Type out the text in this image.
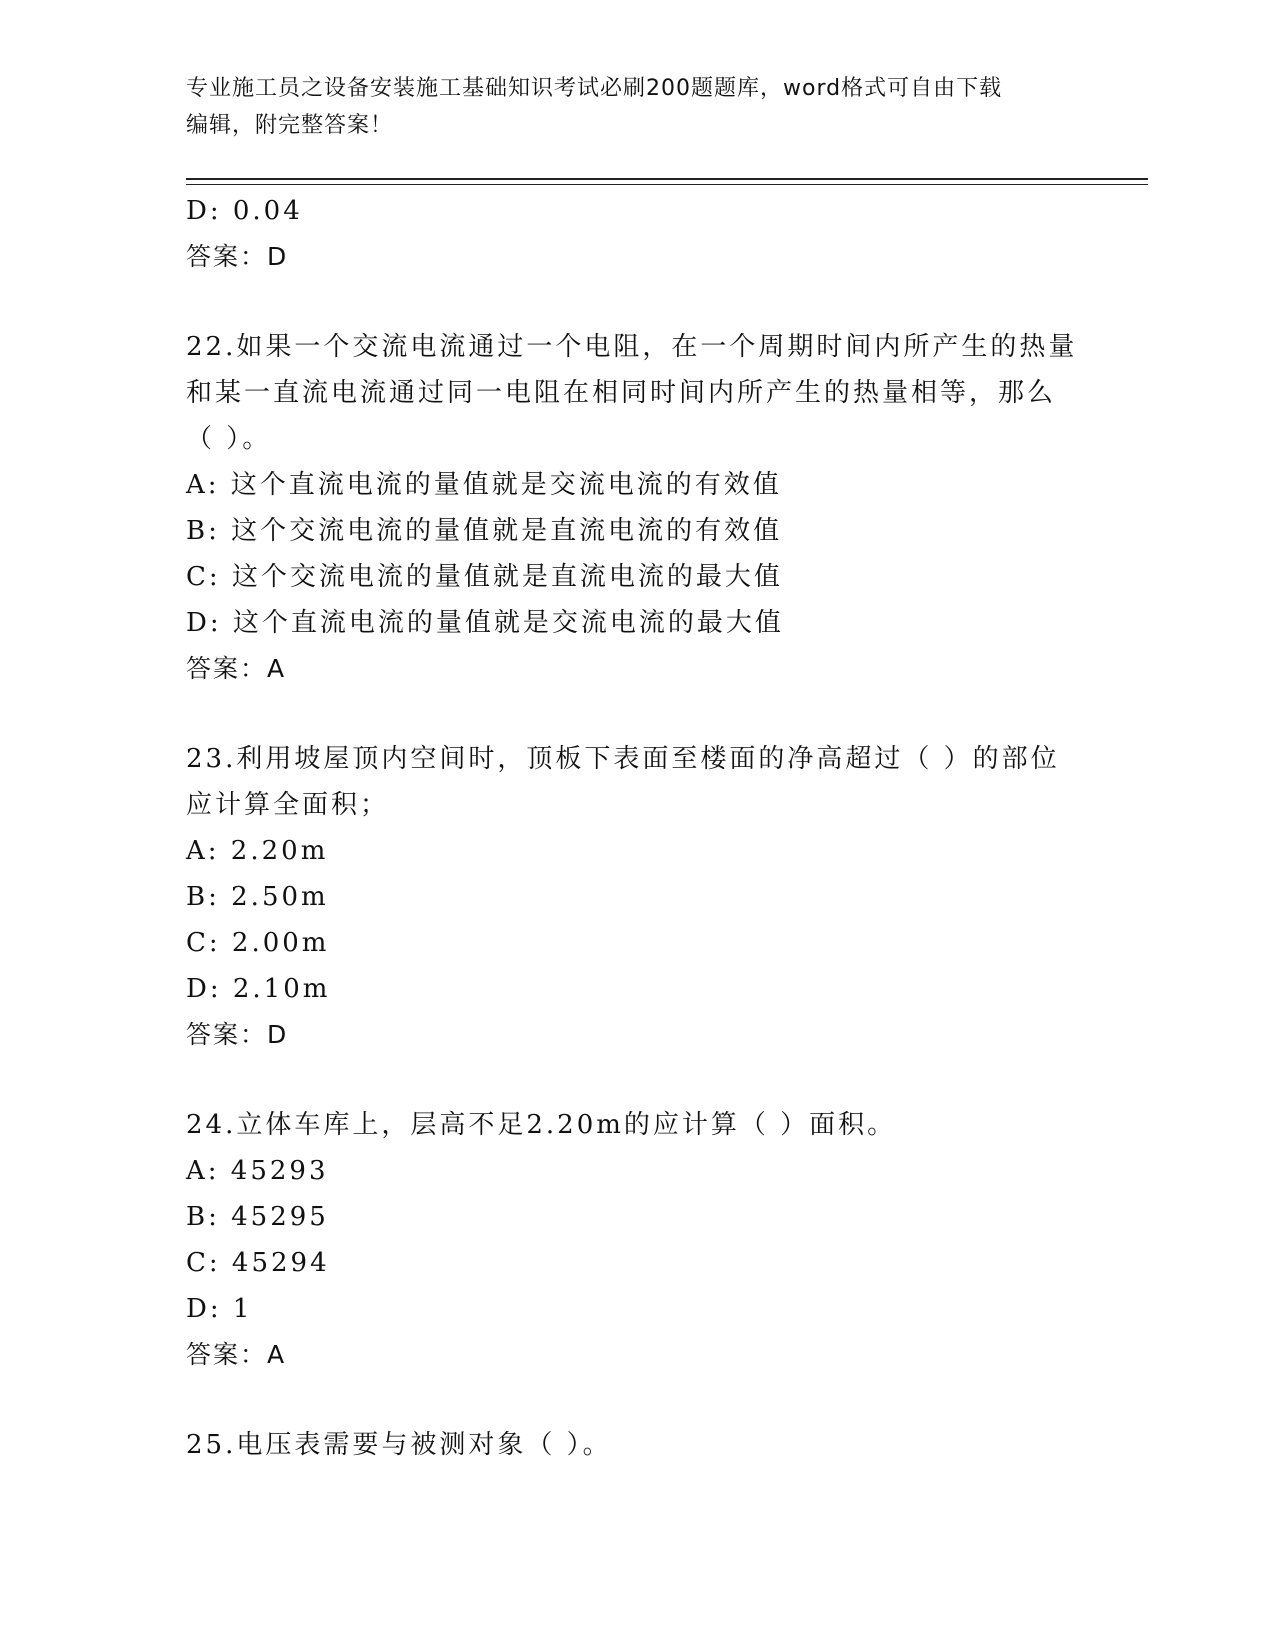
专业施工员之设备安装施工基础知识考试必刷200题题库，word格式可自由下载
编辑，附完整答案！
D: 0.04
答案：D
22.如果一个交流电流通过一个电阻，在一个周期时间内所产生的热量
和某一直流电流通过同一电阻在相同时间内所产生的热量相等，那么
（ ）。
A: 这个直流电流的量值就是交流电流的有效值
B: 这个交流电流的量值就是直流电流的有效值
C: 这个交流电流的量值就是直流电流的最大值
D: 这个直流电流的量值就是交流电流的最大值
答案：A
23.利用坡屋顶内空间时，顶板下表面至楼面的净高超过（ ）的部位
应计算全面积；
A: 2.20m
B: 2.50m
C: 2.00m
D: 2.10m
答案：D
24.立体车库上，层高不足2.20m的应计算（ ）面积。
A: 45293
B: 45295
C: 45294
D: 1
答案：A
25.电压表需要与被测对象（ ）。
